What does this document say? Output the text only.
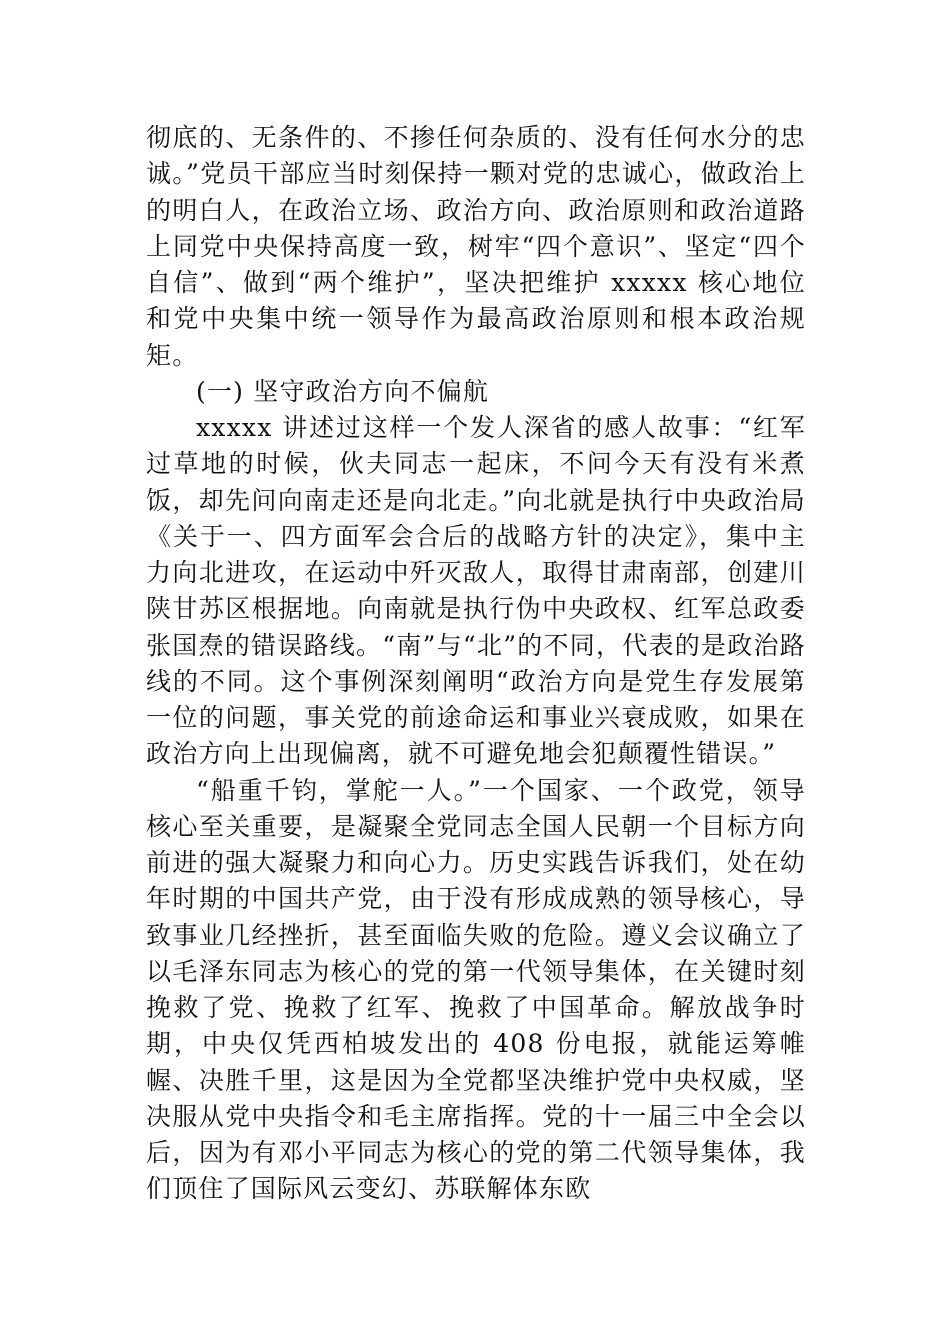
彻底的、无条件的、不掺任何杂质的、没有任何水分的忠诚。”党员干部应当时刻保持一颗对党的忠诚心，做政治上的明白人，在政治立场、政治方向、政治原则和政治道路上同党中央保持高度一致，树牢“四个意识”、坚定“四个自信”、做到“两个维护”，坚决把维护 xxxxx 核心地位和党中央集中统一领导作为最高政治原则和根本政治规矩。

(一) 坚守政治方向不偏航

xxxxx 讲述过这样一个发人深省的感人故事：“红军过草地的时候，伙夫同志一起床，不问今天有没有米煮饭，却先问向南走还是向北走。”向北就是执行中央政治局《关于一、四方面军会合后的战略方针的决定》，集中主力向北进攻，在运动中歼灭敌人，取得甘肃南部，创建川陕甘苏区根据地。向南就是执行伪中央政权、红军总政委张国焘的错误路线。“南”与“北”的不同，代表的是政治路线的不同。这个事例深刻阐明“政治方向是党生存发展第一位的问题，事关党的前途命运和事业兴衰成败，如果在政治方向上出现偏离，就不可避免地会犯颠覆性错误。”

“船重千钧，掌舵一人。”一个国家、一个政党，领导核心至关重要，是凝聚全党同志全国人民朝一个目标方向前进的强大凝聚力和向心力。历史实践告诉我们，处在幼年时期的中国共产党，由于没有形成成熟的领导核心，导致事业几经挫折，甚至面临失败的危险。遵义会议确立了以毛泽东同志为核心的党的第一代领导集体，在关键时刻挽救了党、挽救了红军、挽救了中国革命。解放战争时期，中央仅凭西柏坡发出的 408 份电报，就能运筹帷幄、决胜千里，这是因为全党都坚决维护党中央权威，坚决服从党中央指令和毛主席指挥。党的十一届三中全会以后，因为有邓小平同志为核心的党的第二代领导集体，我们顶住了国际风云变幻、苏联解体东欧
